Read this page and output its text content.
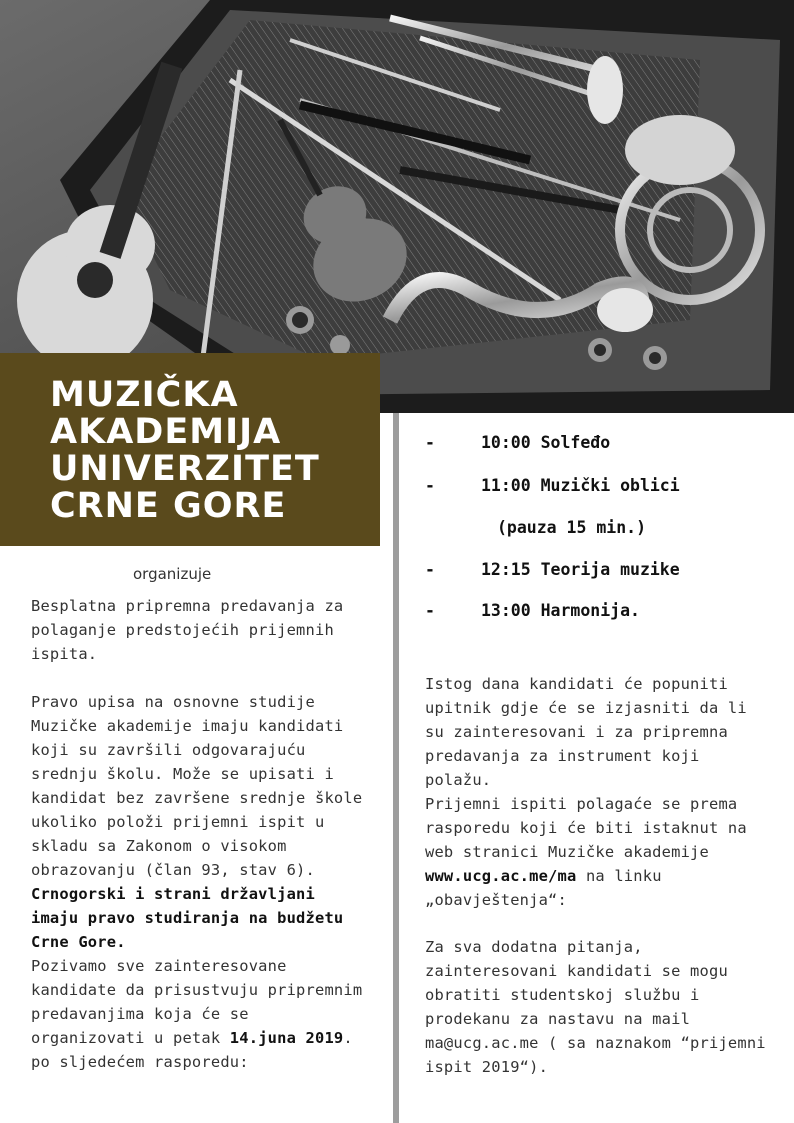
MUZIČKA
AKADEMIJA
UNIVERZITET
CRNE GORE
organizuje

Besplatna pripremna predavanja za polaganje predstojećih prijemnih ispita.

Pravo upisa na osnovne studije Muzičke akademije imaju kandidati koji su završili odgovarajuću srednju školu. Može se upisati i kandidat bez završene srednje škole ukoliko položi prijemni ispit u skladu sa Zakonom o visokom obrazovanju (član 93, stav 6). Crnogorski i strani državljani imaju pravo studiranja na budžetu Crne Gore.

Pozivamo sve zainteresovane kandidate da prisustvuju pripremnim predavanjima koja će se organizovati u petak 14.juna 2019. po sljedećem rasporedu:

-	10:00 Solfeđo
-	11:00 Muzički oblici
(pauza 15 min.)
-	12:15 Teorija muzike
-	13:00 Harmonija.

Istog dana kandidati će popuniti upitnik gdje će se izjasniti da li su zainteresovani i za pripremna predavanja za instrument koji polažu.

Prijemni ispiti polagaće se prema rasporedu koji će biti istaknut na web stranici Muzičke akademije www.ucg.ac.me/ma na linku „obavještenja“:

Za sva dodatna pitanja, zainteresovani kandidati se mogu obratiti studentskoj službu i prodekanu za nastavu na mail ma@ucg.ac.me ( sa naznakom “prijemni ispit 2019“).
